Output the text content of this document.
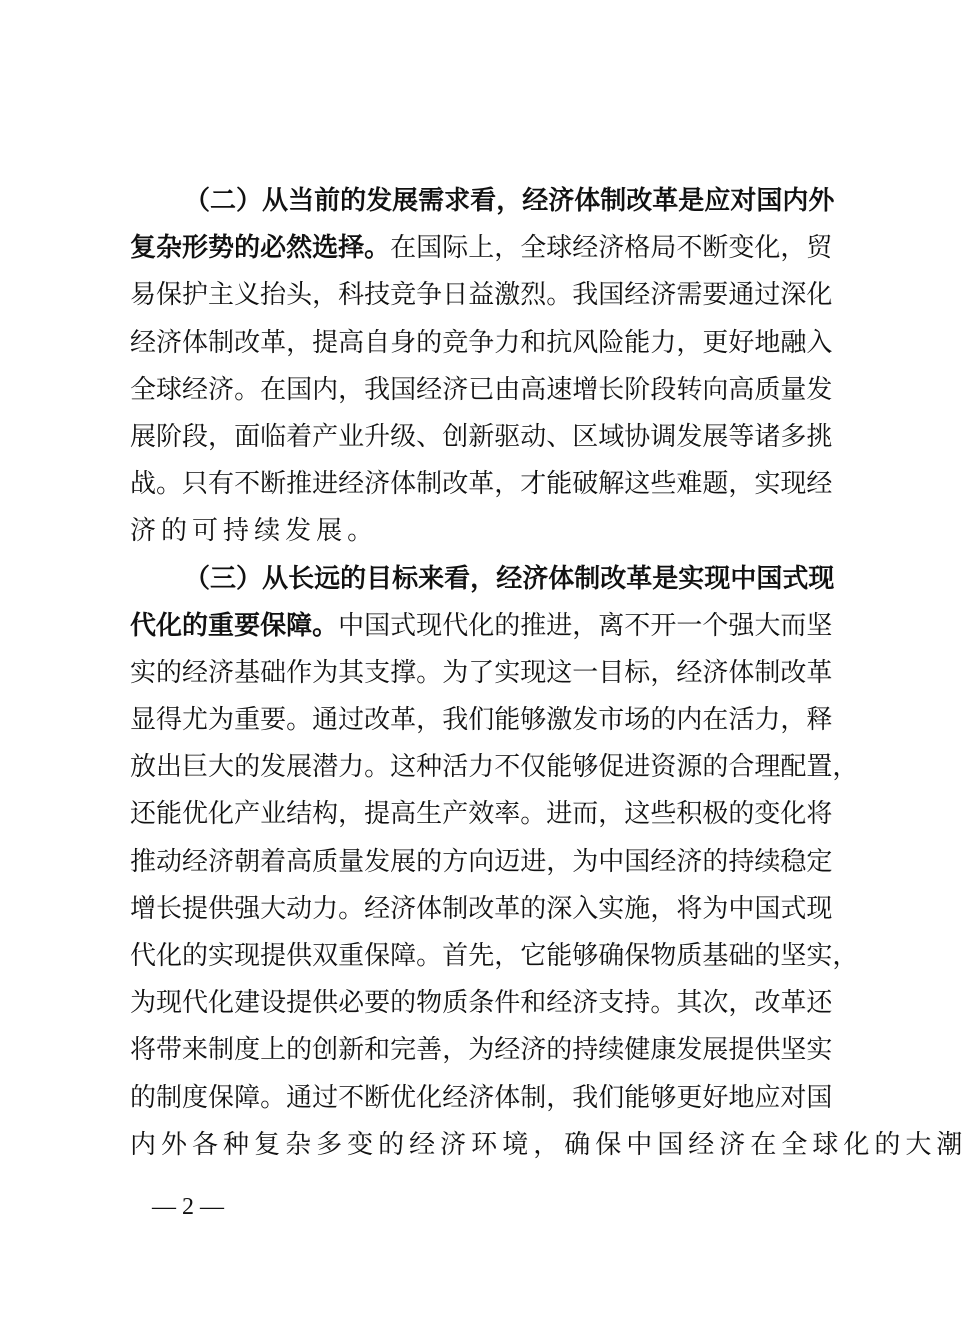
（ 二 ） 从 当 前 的 发 展 需 求 看 ， 经 济 体 制 改 革 是 应 对 国 内 外
复 杂 形 势 的 必 然 选 择 。 在 国 际 上 ， 全 球 经 济 格 局 不 断 变 化 ， 贸
易 保 护 主 义 抬 头 ， 科 技 竞 争 日 益 激 烈 。 我 国 经 济 需 要 通 过 深 化
经 济 体 制 改 革 ， 提 高 自 身 的 竞 争 力 和 抗 风 险 能 力 ， 更 好 地 融 入
全 球 经 济 。 在 国 内 ， 我 国 经 济 已 由 高 速 增 长 阶 段 转 向 高 质 量 发
展 阶 段 ， 面 临 着 产 业 升 级 、 创 新 驱 动 、 区 域 协 调 发 展 等 诸 多 挑
战 。 只 有 不 断 推 进 经 济 体 制 改 革 ， 才 能 破 解 这 些 难 题 ， 实 现 经
济 的 可 持 续 发 展 。
（ 三 ） 从 长 远 的 目 标 来 看 ， 经 济 体 制 改 革 是 实 现 中 国 式 现
代 化 的 重 要 保 障 。 中 国 式 现 代 化 的 推 进 ， 离 不 开 一 个 强 大 而 坚
实 的 经 济 基 础 作 为 其 支 撑 。 为 了 实 现 这 一 目 标 ， 经 济 体 制 改 革
显 得 尤 为 重 要 。 通 过 改 革 ， 我 们 能 够 激 发 市 场 的 内 在 活 力 ， 释
放 出 巨 大 的 发 展 潜 力 。 这 种 活 力 不 仅 能 够 促 进 资 源 的 合 理 配 置 ，
还 能 优 化 产 业 结 构 ， 提 高 生 产 效 率 。 进 而 ， 这 些 积 极 的 变 化 将
推 动 经 济 朝 着 高 质 量 发 展 的 方 向 迈 进 ， 为 中 国 经 济 的 持 续 稳 定
增 长 提 供 强 大 动 力 。 经 济 体 制 改 革 的 深 入 实 施 ， 将 为 中 国 式 现
代 化 的 实 现 提 供 双 重 保 障 。 首 先 ， 它 能 够 确 保 物 质 基 础 的 坚 实 ，
为 现 代 化 建 设 提 供 必 要 的 物 质 条 件 和 经 济 支 持 。 其 次 ， 改 革 还
将 带 来 制 度 上 的 创 新 和 完 善 ， 为 经 济 的 持 续 健 康 发 展 提 供 坚 实
的 制 度 保 障 。 通 过 不 断 优 化 经 济 体 制 ， 我 们 能 够 更 好 地 应 对 国
内 外 各 种 复 杂 多 变 的 经 济 环 境 ， 确 保 中 国 经 济 在 全 球 化 的 大 潮
— 2 —
